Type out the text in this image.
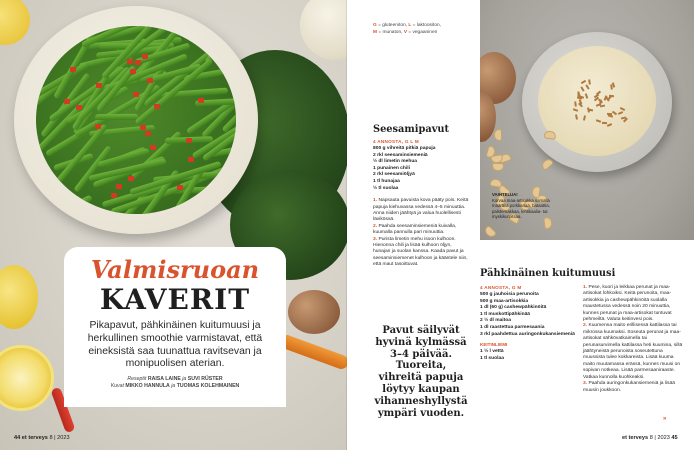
Valmisruoan
KAVERIT
Pikapavut, pähkinäinen kuitumuusi ja herkullinen smoothie varmistavat, että eineksistä saa tuunattua ravitsevan ja monipuolisen aterian.
Reseptit RAISA LAINE ja SUVI RÜSTER
Kuvat MIKKO HANNULA ja TUOMAS KOLEHMAINEN
44 et terveys 8 | 2023
G = gluteeniton, L = laktoositon,
M = munaton, V = vegaaninen
Seesamipavut
4 ANNOSTA, G L M
800 g vihreitä pitkiä papuja
2 rkl seesaminsiemeniä
½ dl limetin mehua
1 punainen chili
2 rkl seesamiöljyä
1 tl hunajaa
½ tl suolaa

1. Napsauta pavuista kova pääty pois. Keitä papuja kiehuvassa vedessä 4–5 minuuttia. Anna niiden jäähtyä ja valua huolellisesti lävikössä.

2. Paahda seesaminsiemeniä kuivalla, kuumalla pannulla pari minuuttia.

3. Purista limetin mehu isoon kulhoon. Hienonna chili ja lisää kulhoon öljyn, hunajan ja suolan kanssa. Kaada pavut ja seesaminsiemenet kulhoon ja kääntele niin, että maut tasoittuvat.

Pavut säilyvät hyvinä kylmässä 3–4 päivää. Tuoreita, vihreitä papuja löytyy kaupan vihanneshyllystä ympäri vuoden.
VAIHTELUA!
Korvaa maa-artisokka samalla määrällä porkkanaa, bataattia, palsternakkaa, lehtikaalia- tai myskikurpitsaa.
Pähkinäinen kuitumuusi
4 ANNOSTA, G M
500 g jauhoisia perunoita
500 g maa-artisokkia
1 dl (60 g) cashewpähkinöitä
1 tl muskottipähkinää
2 ½ dl maitoa
1 dl raastettua parmesaania
3 rkl paahdettua auringonkukansiemeniä
KEITINLIEMI
1 ½ l vettä
1 tl suolaa

1. Pese, kuori ja leikkaa perunat ja maa-artisokat lohkoiksi. Keitä perunoita, maa-artisokkia ja cashewpähkinöitä suolalla maustetussa vedessä noin 20 minuuttia, kunnes perunat ja maa-artisokat tuntuvat pehmeiltä. Valuta keitinvesi pois.

2. Kuumenna maito erillisessä kattilassa tai mikrossa kuumaksi. Soseuta perunat ja maa-artisokat sähkövatkaimella tai perunasurvimella kattilassa heti kuumina, sillä jäähtyneistä perunoista soseutettuna muussista tulee kokkareista. Lisää kuuma maito muutamassa erässä, kunnes muusi on sopivan notkeaa. Lisää parmesaaniraaste. Vatkaa kunnolla kuohkeaksi.

3. Paahda auringonkukansiemeniä ja lisää muusin joukkoon.

»
et terveys 8 | 2023 45
